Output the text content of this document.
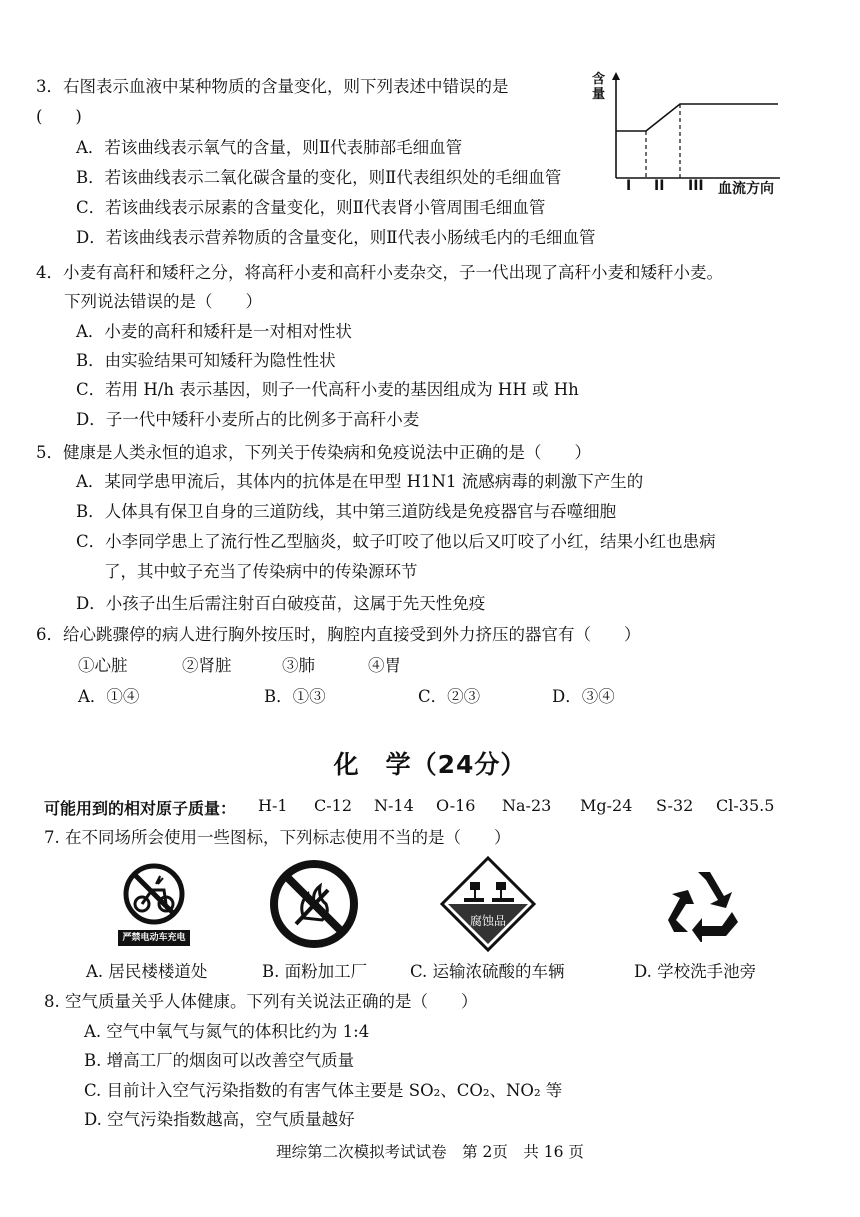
3．右图表示血液中某种物质的含量变化，则下列表述中错误的是
(　　)
A．若该曲线表示氧气的含量，则Ⅱ代表肺部毛细血管
B．若该曲线表示二氧化碳含量的变化，则Ⅱ代表组织处的毛细血管
C．若该曲线表示尿素的含量变化，则Ⅱ代表肾小管周围毛细血管
D．若该曲线表示营养物质的含量变化，则Ⅱ代表小肠绒毛内的毛细血管
含量
I II III 血流方向
4．小麦有高秆和矮秆之分，将高秆小麦和高秆小麦杂交，子一代出现了高秆小麦和矮秆小麦。
下列说法错误的是（　　）
A．小麦的高秆和矮秆是一对相对性状
B．由实验结果可知矮秆为隐性性状
C．若用 H/h 表示基因，则子一代高秆小麦的基因组成为 HH 或 Hh
D．子一代中矮秆小麦所占的比例多于高秆小麦
5．健康是人类永恒的追求，下列关于传染病和免疫说法中正确的是（　　）
A．某同学患甲流后，其体内的抗体是在甲型 H1N1 流感病毒的刺激下产生的
B．人体具有保卫自身的三道防线，其中第三道防线是免疫器官与吞噬细胞
C．小李同学患上了流行性乙型脑炎，蚊子叮咬了他以后又叮咬了小红，结果小红也患病
了，其中蚊子充当了传染病中的传染源环节
D．小孩子出生后需注射百白破疫苗，这属于先天性免疫
6．给心跳骤停的病人进行胸外按压时，胸腔内直接受到外力挤压的器官有（　　）
①心脏	②肾脏	③肺	④胃
A．①④	B．①③	C．②③	D．③④
化　学（24分）
可能用到的相对原子质量： H-1 C-12 N-14 O-16 Na-23 Mg-24 S-32 Cl-35.5
7. 在不同场所会使用一些图标，下列标志使用不当的是（　　）
严禁电动车充电
腐蚀品
A. 居民楼楼道处	B. 面粉加工厂	C. 运输浓硫酸的车辆	D. 学校洗手池旁
8. 空气质量关乎人体健康。下列有关说法正确的是（　　）
A. 空气中氧气与氮气的体积比约为 1:4
B. 增高工厂的烟囱可以改善空气质量
C. 目前计入空气污染指数的有害气体主要是 SO₂、CO₂、NO₂ 等
D. 空气污染指数越高，空气质量越好
理综第二次模拟考试试卷　第 2页　共 16 页
